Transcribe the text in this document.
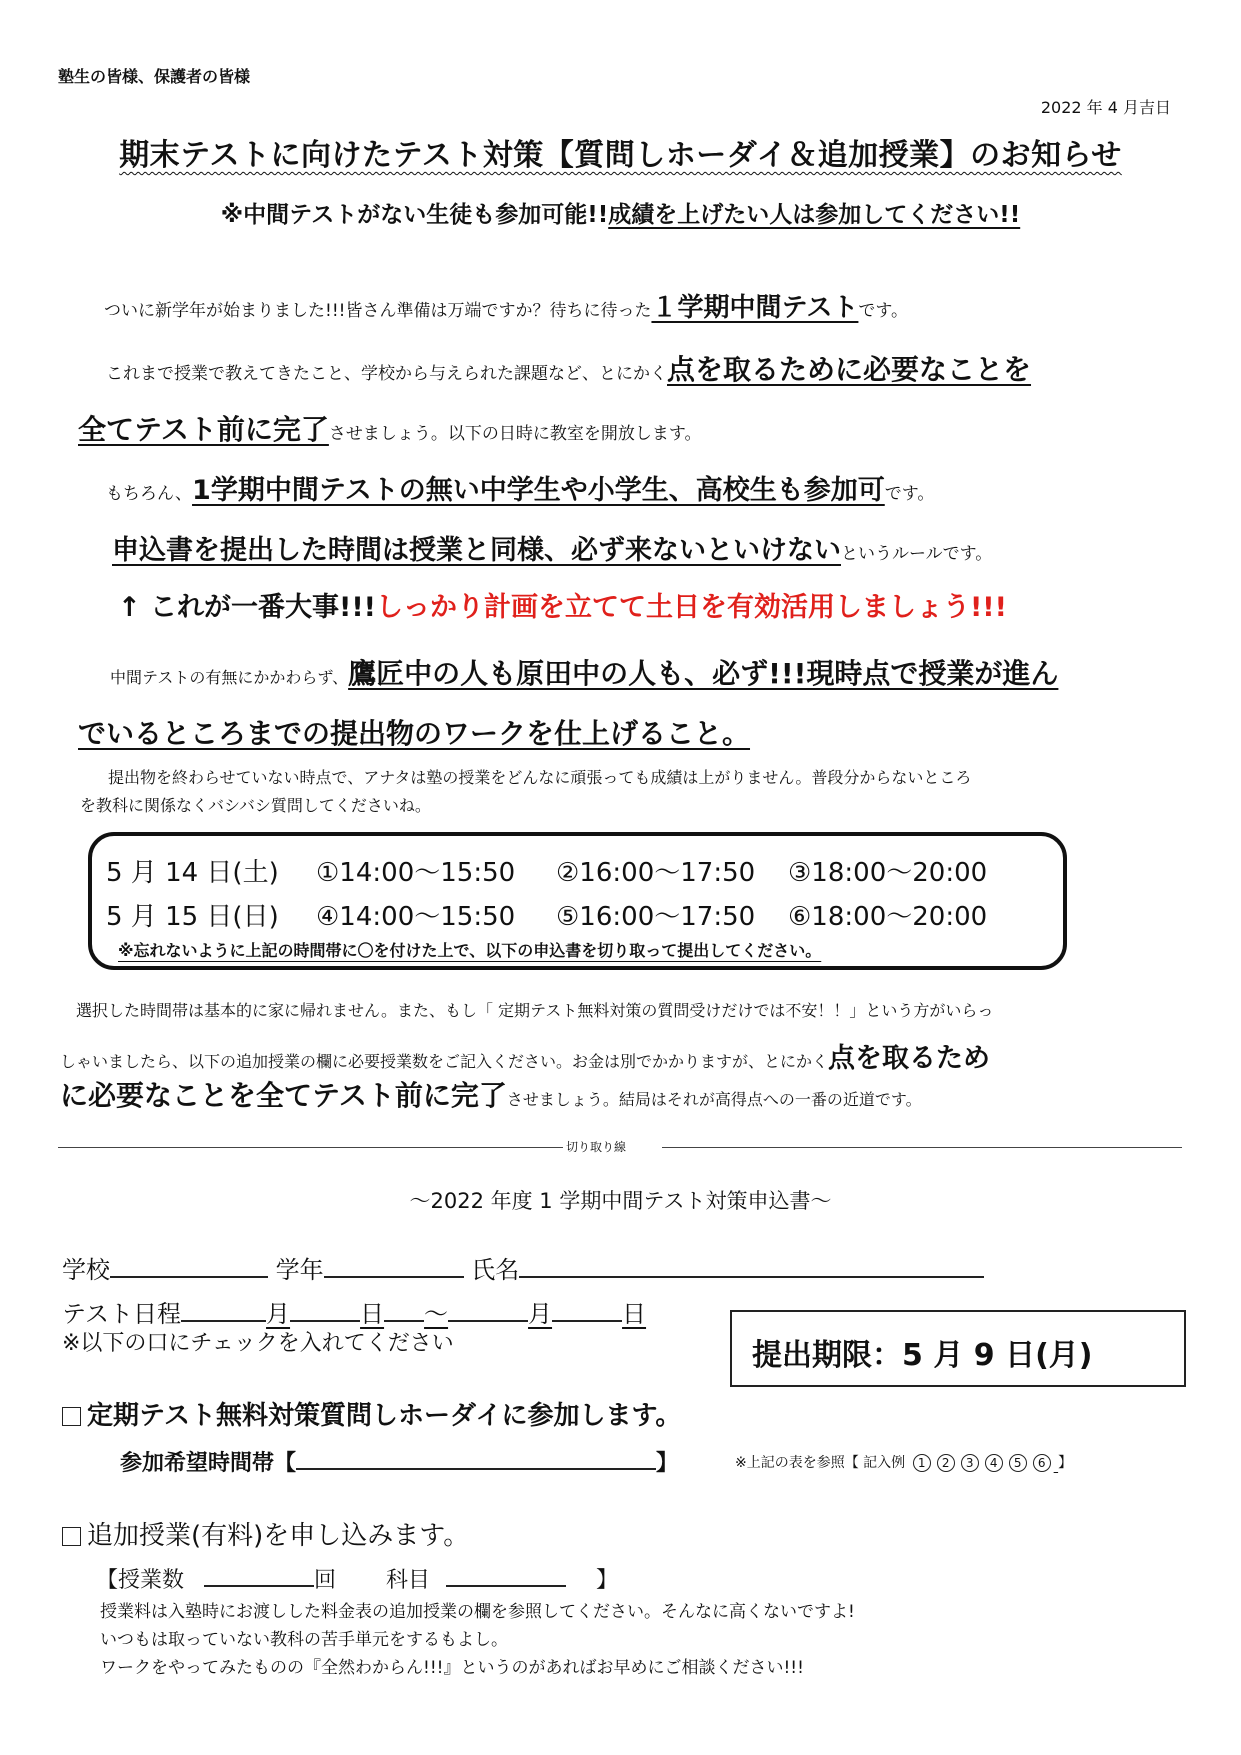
塾生の皆様、保護者の皆様
2022 年 4 月吉日
期末テストに向けたテスト対策【質問しホーダイ＆追加授業】のお知らせ
※中間テストがない生徒も参加可能!!成績を上げたい人は参加してください!!
ついに新学年が始まりました!!!皆さん準備は万端ですか？待ちに待った１学期中間テストです。
これまで授業で教えてきたこと、学校から与えられた課題など、とにかく点を取るために必要なことを
全てテスト前に完了させましょう。以下の日時に教室を開放します。
もちろん、1学期中間テストの無い中学生や小学生、高校生も参加可です。
申込書を提出した時間は授業と同様、必ず来ないといけないというルールです。
↑ これが一番大事!!!しっかり計画を立てて土日を有効活用しましょう!!!
中間テストの有無にかかわらず、鷹匠中の人も原田中の人も、必ず!!!現時点で授業が進ん
でいるところまでの提出物のワークを仕上げること。
提出物を終わらせていない時点で、アナタは塾の授業をどんなに頑張っても成績は上がりません。普段分からないところ
を教科に関係なくバシバシ質問してくださいね。
5 月 14 日(土) ①14:00～15:50 ②16:00～17:50 ③18:00～20:00
5 月 15 日(日) ④14:00～15:50 ⑤16:00～17:50 ⑥18:00～20:00
※忘れないように上記の時間帯に〇を付けた上で、以下の申込書を切り取って提出してください。
選択した時間帯は基本的に家に帰れません。また、もし「 定期テスト無料対策の質問受けだけでは不安！！」という方がいらっ
しゃいましたら、以下の追加授業の欄に必要授業数をご記入ください。お金は別でかかりますが、とにかく点を取るため
に必要なことを全てテスト前に完了させましょう。結局はそれが高得点への一番の近道です。
切り取り線
～2022 年度 1 学期中間テスト対策申込書～
学校	学年	氏名
テスト日程	月	日 ～	月	日
※以下の口にチェックを入れてください	提出期限：5 月 9 日(月)
定期テスト無料対策質問しホーダイに参加します。
参加希望時間帯【	】	※上記の表を参照【 記入例 1 2 3 4 5 6 】
追加授業(有料)を申し込みます。
【授業数	回 科目	】
授業料は入塾時にお渡しした料金表の追加授業の欄を参照してください。そんなに高くないですよ!
いつもは取っていない教科の苦手単元をするもよし。
ワークをやってみたものの『全然わからん!!!』というのがあればお早めにご相談ください!!!
